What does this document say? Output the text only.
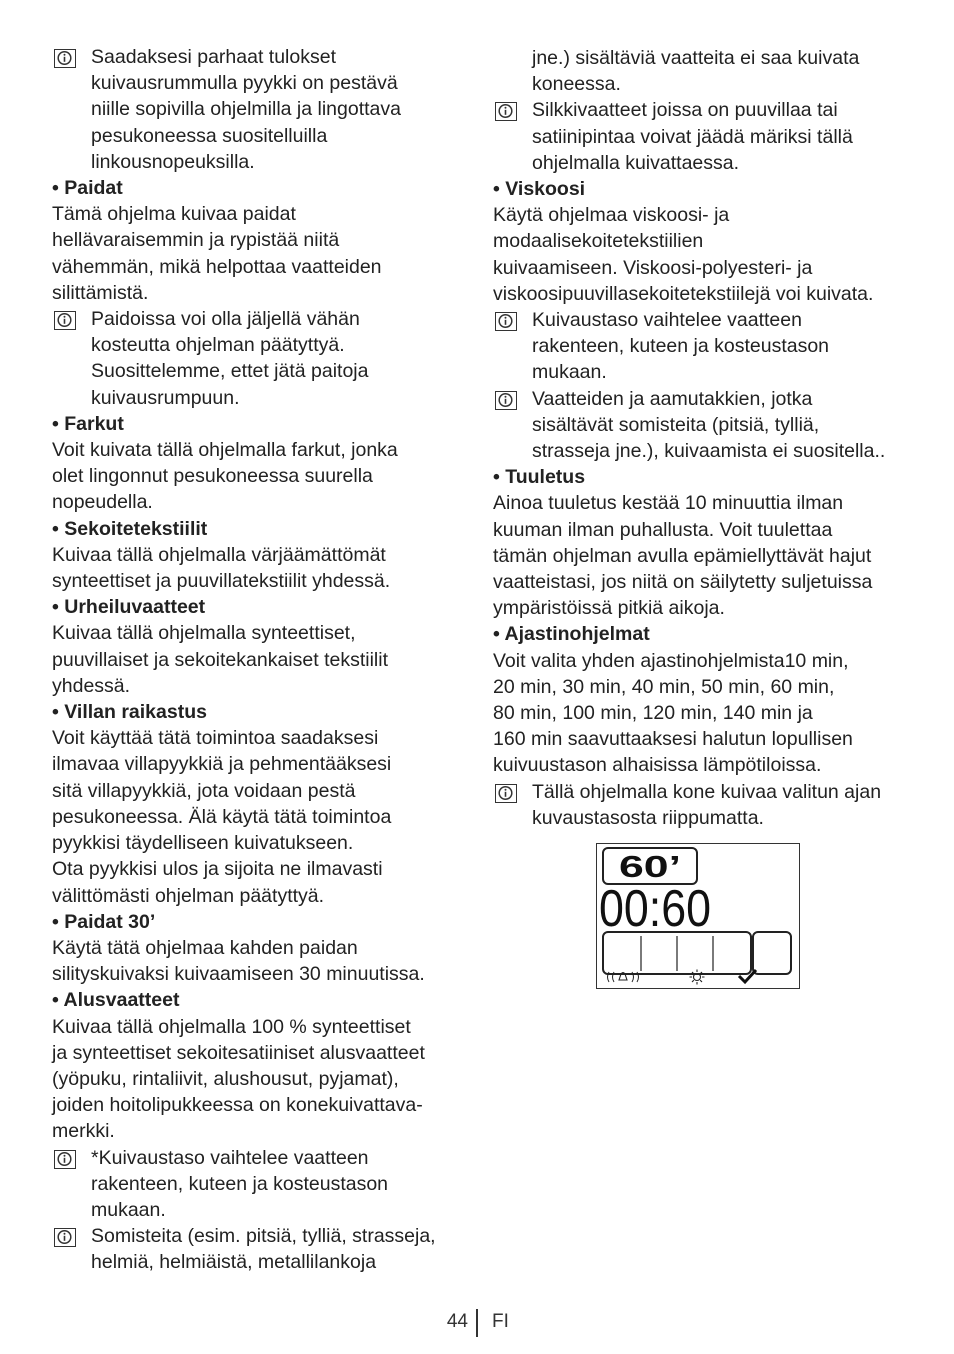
Saadaksesi parhaat tulokset
kuivausrummulla pyykki on pestävä
niille sopivilla ohjelmilla ja lingottava
pesukoneessa suositelluilla
linkousnopeuksilla.
• Paidat
Tämä ohjelma kuivaa paidat
hellävaraisemmin ja rypistää niitä
vähemmän, mikä helpottaa vaatteiden
silittämistä.
Paidoissa voi olla jäljellä vähän
kosteutta ohjelman päätyttyä.
Suosittelemme, ettet jätä paitoja
kuivausrumpuun.
• Farkut
Voit kuivata tällä ohjelmalla farkut, jonka
olet lingonnut pesukoneessa suurella
nopeudella.
• Sekoitetekstiilit
Kuivaa tällä ohjelmalla värjäämättömät
synteettiset ja puuvillatekstiilit yhdessä.
• Urheiluvaatteet
Kuivaa tällä ohjelmalla synteettiset,
puuvillaiset ja sekoitekankaiset tekstiilit
yhdessä.
• Villan raikastus
Voit käyttää tätä toimintoa saadaksesi
ilmavaa villapyykkiä ja pehmentääksesi
sitä villapyykkiä, jota voidaan pestä
pesukoneessa. Älä käytä tätä toimintoa
pyykkisi täydelliseen kuivatukseen.
Ota pyykkisi ulos ja sijoita ne ilmavasti
välittömästi ohjelman päätyttyä.
• Paidat 30’
Käytä tätä ohjelmaa kahden paidan
silityskuivaksi kuivaamiseen 30 minuutissa.
• Alusvaatteet
Kuivaa tällä ohjelmalla 100 % synteettiset
ja synteettiset sekoitesatiiniset alusvaatteet
(yöpuku, rintaliivit, alushousut, pyjamat),
joiden hoitolipukkeessa on konekuivattava-
merkki.
*Kuivaustaso vaihtelee vaatteen
rakenteen, kuteen ja kosteustason
mukaan.
Somisteita (esim. pitsiä, tylliä, strasseja,
helmiä, helmiäistä, metallilankoja
jne.) sisältäviä vaatteita ei saa kuivata
koneessa.
Silkkivaatteet joissa on puuvillaa tai
satiinipintaa voivat jäädä märiksi tällä
ohjelmalla kuivattaessa.
• Viskoosi
Käytä ohjelmaa viskoosi- ja
modaalisekoitetekstiilien
kuivaamiseen. Viskoosi-polyesteri- ja
viskoosipuuvillasekoitetekstiilejä voi kuivata.
Kuivaustaso vaihtelee vaatteen
rakenteen, kuteen ja kosteustason
mukaan.
Vaatteiden ja aamutakkien, jotka
sisältävät somisteita (pitsiä, tylliä,
strasseja jne.), kuivaamista ei suositella..
• Tuuletus
Ainoa tuuletus kestää 10 minuuttia ilman
kuuman ilman puhallusta. Voit tuulettaa
tämän ohjelman avulla epämiellyttävät hajut
vaatteistasi, jos niitä on säilytetty suljetuissa
ympäristöissä pitkiä aikoja.
• Ajastinohjelmat
Voit valita yhden ajastinohjelmista10 min,
20 min, 30 min, 40 min, 50 min, 60 min,
80 min, 100 min, 120 min, 140 min ja
160 min saavuttaaksesi halutun lopullisen
kuivuustason alhaisissa lämpötiloissa.
Tällä ohjelmalla kone kuivaa valitun ajan
kuvaustasosta riippumatta.
60’
00:60
44 FI
